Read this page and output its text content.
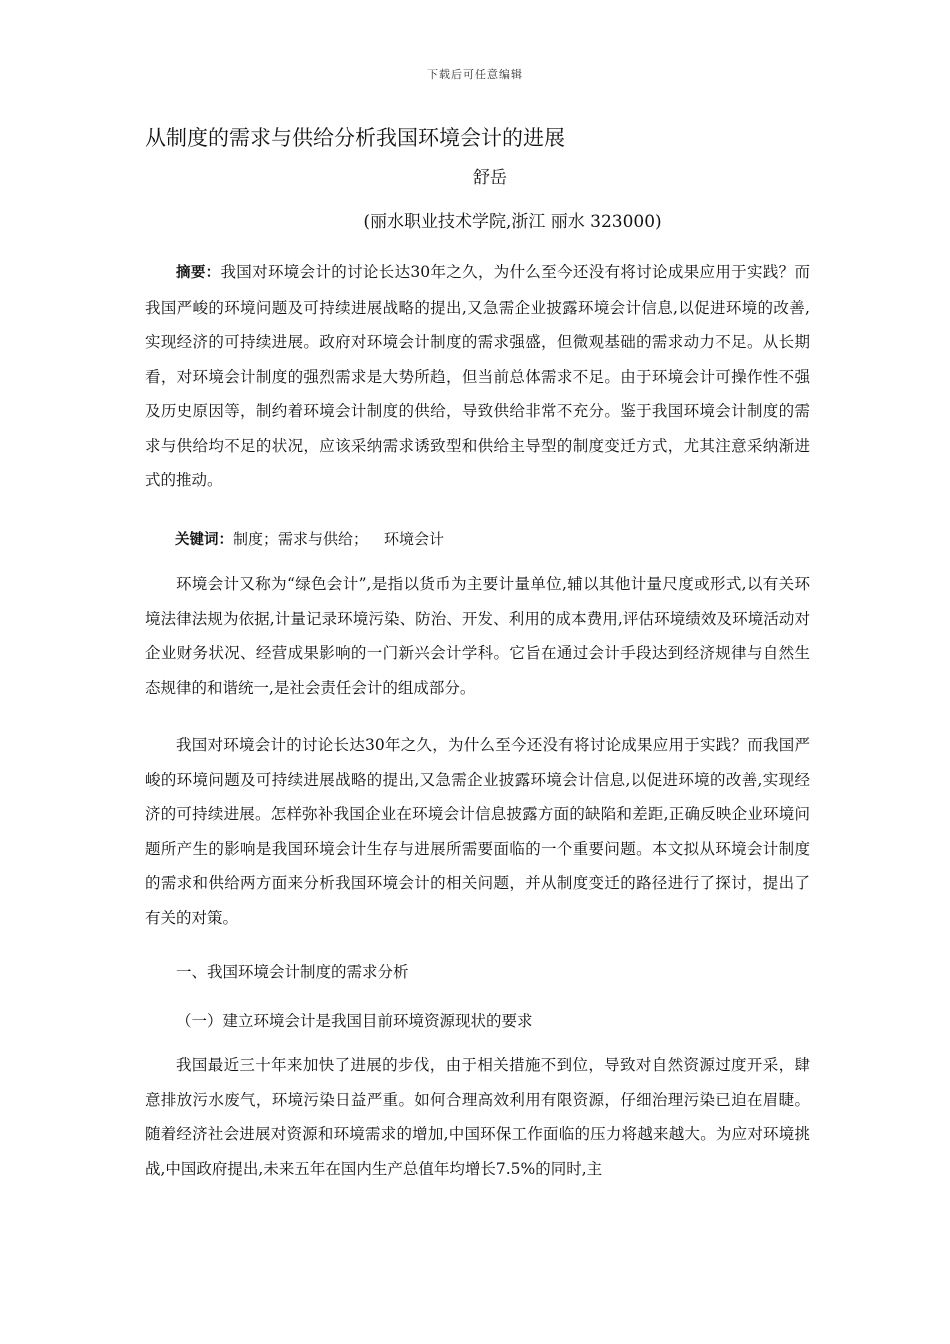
下载后可任意编辑
从制度的需求与供给分析我国环境会计的进展
舒岳
(丽水职业技术学院,浙江 丽水 323000)

摘要：我国对环境会计的讨论长达30年之久，为什么至今还没有将讨论成果应用于实践？而我国严峻的环境问题及可持续进展战略的提出,又急需企业披露环境会计信息,以促进环境的改善,实现经济的可持续进展。政府对环境会计制度的需求强盛，但微观基础的需求动力不足。从长期看，对环境会计制度的强烈需求是大势所趋，但当前总体需求不足。由于环境会计可操作性不强及历史原因等，制约着环境会计制度的供给，导致供给非常不充分。鉴于我国环境会计制度的需求与供给均不足的状况，应该采纳需求诱致型和供给主导型的制度变迁方式，尤其注意采纳渐进式的推动。

关键词：制度；需求与供给； 环境会计

环境会计又称为“绿色会计”,是指以货币为主要计量单位,辅以其他计量尺度或形式,以有关环境法律法规为依据,计量记录环境污染、防治、开发、利用的成本费用,评估环境绩效及环境活动对企业财务状况、经营成果影响的一门新兴会计学科。它旨在通过会计手段达到经济规律与自然生态规律的和谐统一,是社会责任会计的组成部分。

我国对环境会计的讨论长达30年之久，为什么至今还没有将讨论成果应用于实践？而我国严峻的环境问题及可持续进展战略的提出,又急需企业披露环境会计信息,以促进环境的改善,实现经济的可持续进展。怎样弥补我国企业在环境会计信息披露方面的缺陷和差距,正确反映企业环境问题所产生的影响是我国环境会计生存与进展所需要面临的一个重要问题。本文拟从环境会计制度的需求和供给两方面来分析我国环境会计的相关问题，并从制度变迁的路径进行了探讨，提出了有关的对策。

一、我国环境会计制度的需求分析

（一）建立环境会计是我国目前环境资源现状的要求

我国最近三十年来加快了进展的步伐，由于相关措施不到位，导致对自然资源过度开采，肆意排放污水废气，环境污染日益严重。如何合理高效利用有限资源，仔细治理污染已迫在眉睫。随着经济社会进展对资源和环境需求的增加,中国环保工作面临的压力将越来越大。为应对环境挑战,中国政府提出,未来五年在国内生产总值年均增长7.5%的同时,主
